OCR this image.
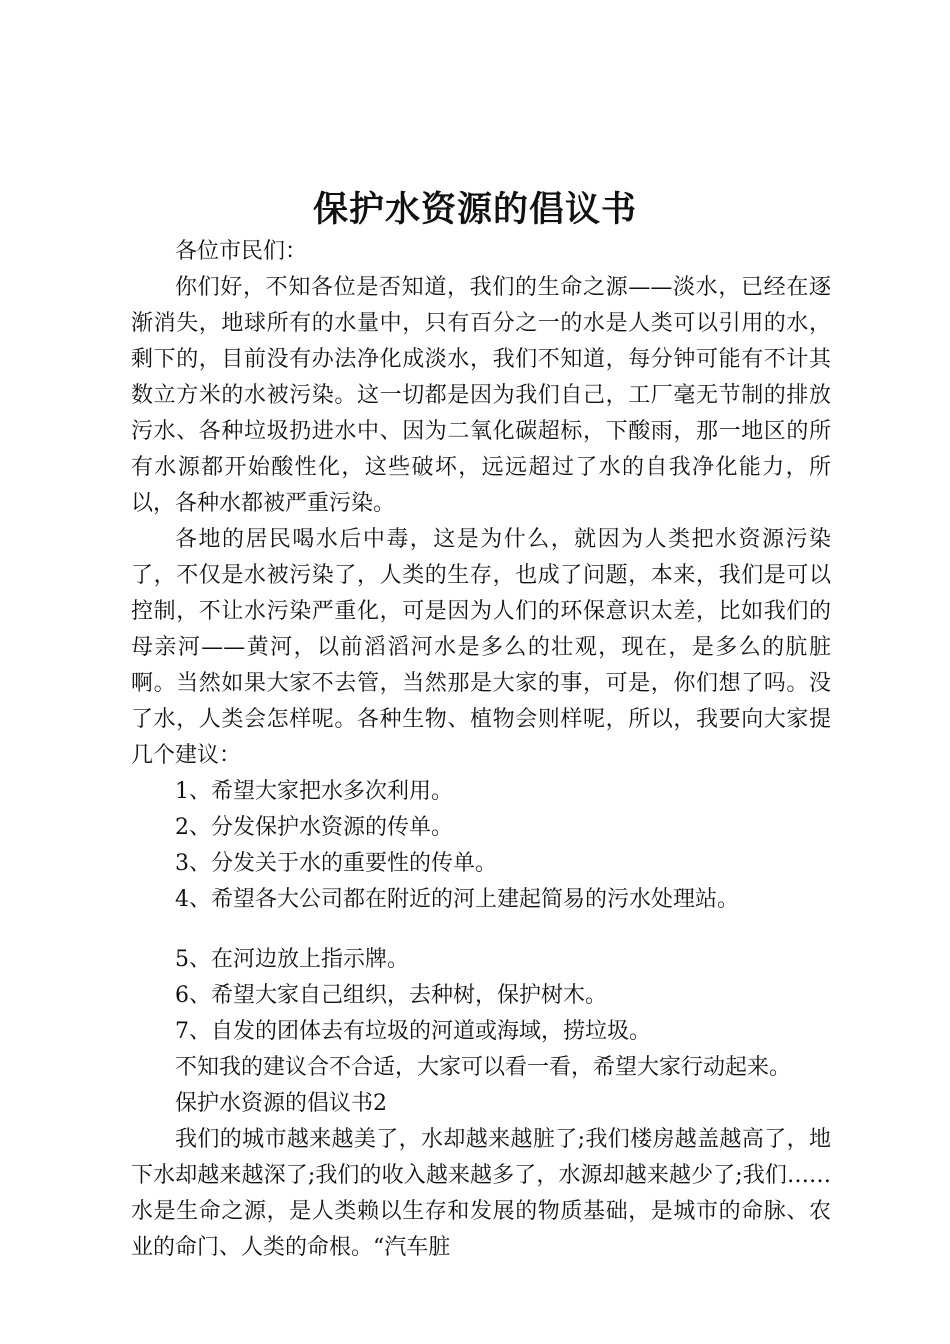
保护水资源的倡议书

各位市民们：

你们好，不知各位是否知道，我们的生命之源——淡水，已经在逐渐消失，地球所有的水量中，只有百分之一的水是人类可以引用的水，剩下的，目前没有办法净化成淡水，我们不知道，每分钟可能有不计其数立方米的水被污染。这一切都是因为我们自己，工厂毫无节制的排放污水、各种垃圾扔进水中、因为二氧化碳超标，下酸雨，那一地区的所有水源都开始酸性化，这些破坏，远远超过了水的自我净化能力，所以，各种水都被严重污染。

各地的居民喝水后中毒，这是为什么，就因为人类把水资源污染了，不仅是水被污染了，人类的生存，也成了问题，本来，我们是可以控制，不让水污染严重化，可是因为人们的环保意识太差，比如我们的母亲河——黄河，以前滔滔河水是多么的壮观，现在，是多么的肮脏啊。当然如果大家不去管，当然那是大家的事，可是，你们想了吗。没了水，人类会怎样呢。各种生物、植物会则样呢，所以，我要向大家提几个建议：

1、希望大家把水多次利用。

2、分发保护水资源的传单。

3、分发关于水的重要性的传单。

4、希望各大公司都在附近的河上建起简易的污水处理站。

5、在河边放上指示牌。

6、希望大家自己组织，去种树，保护树木。

7、自发的团体去有垃圾的河道或海域，捞垃圾。

不知我的建议合不合适，大家可以看一看，希望大家行动起来。

保护水资源的倡议书2

我们的城市越来越美了，水却越来越脏了;我们楼房越盖越高了，地下水却越来越深了;我们的收入越来越多了，水源却越来越少了;我们……水是生命之源，是人类赖以生存和发展的物质基础，是城市的命脉、农业的命门、人类的命根。“汽车脏
